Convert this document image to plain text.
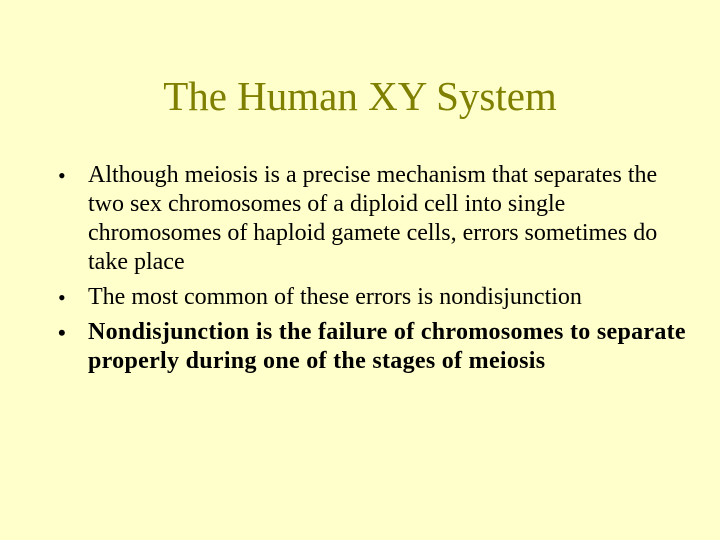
The Human XY System
• Although meiosis is a precise mechanism that separates the two sex chromosomes of a diploid cell into single chromosomes of haploid gamete cells, errors sometimes do take place
• The most common of these errors is nondisjunction
• Nondisjunction is the failure of chromosomes to separate properly during one of the stages of meiosis
